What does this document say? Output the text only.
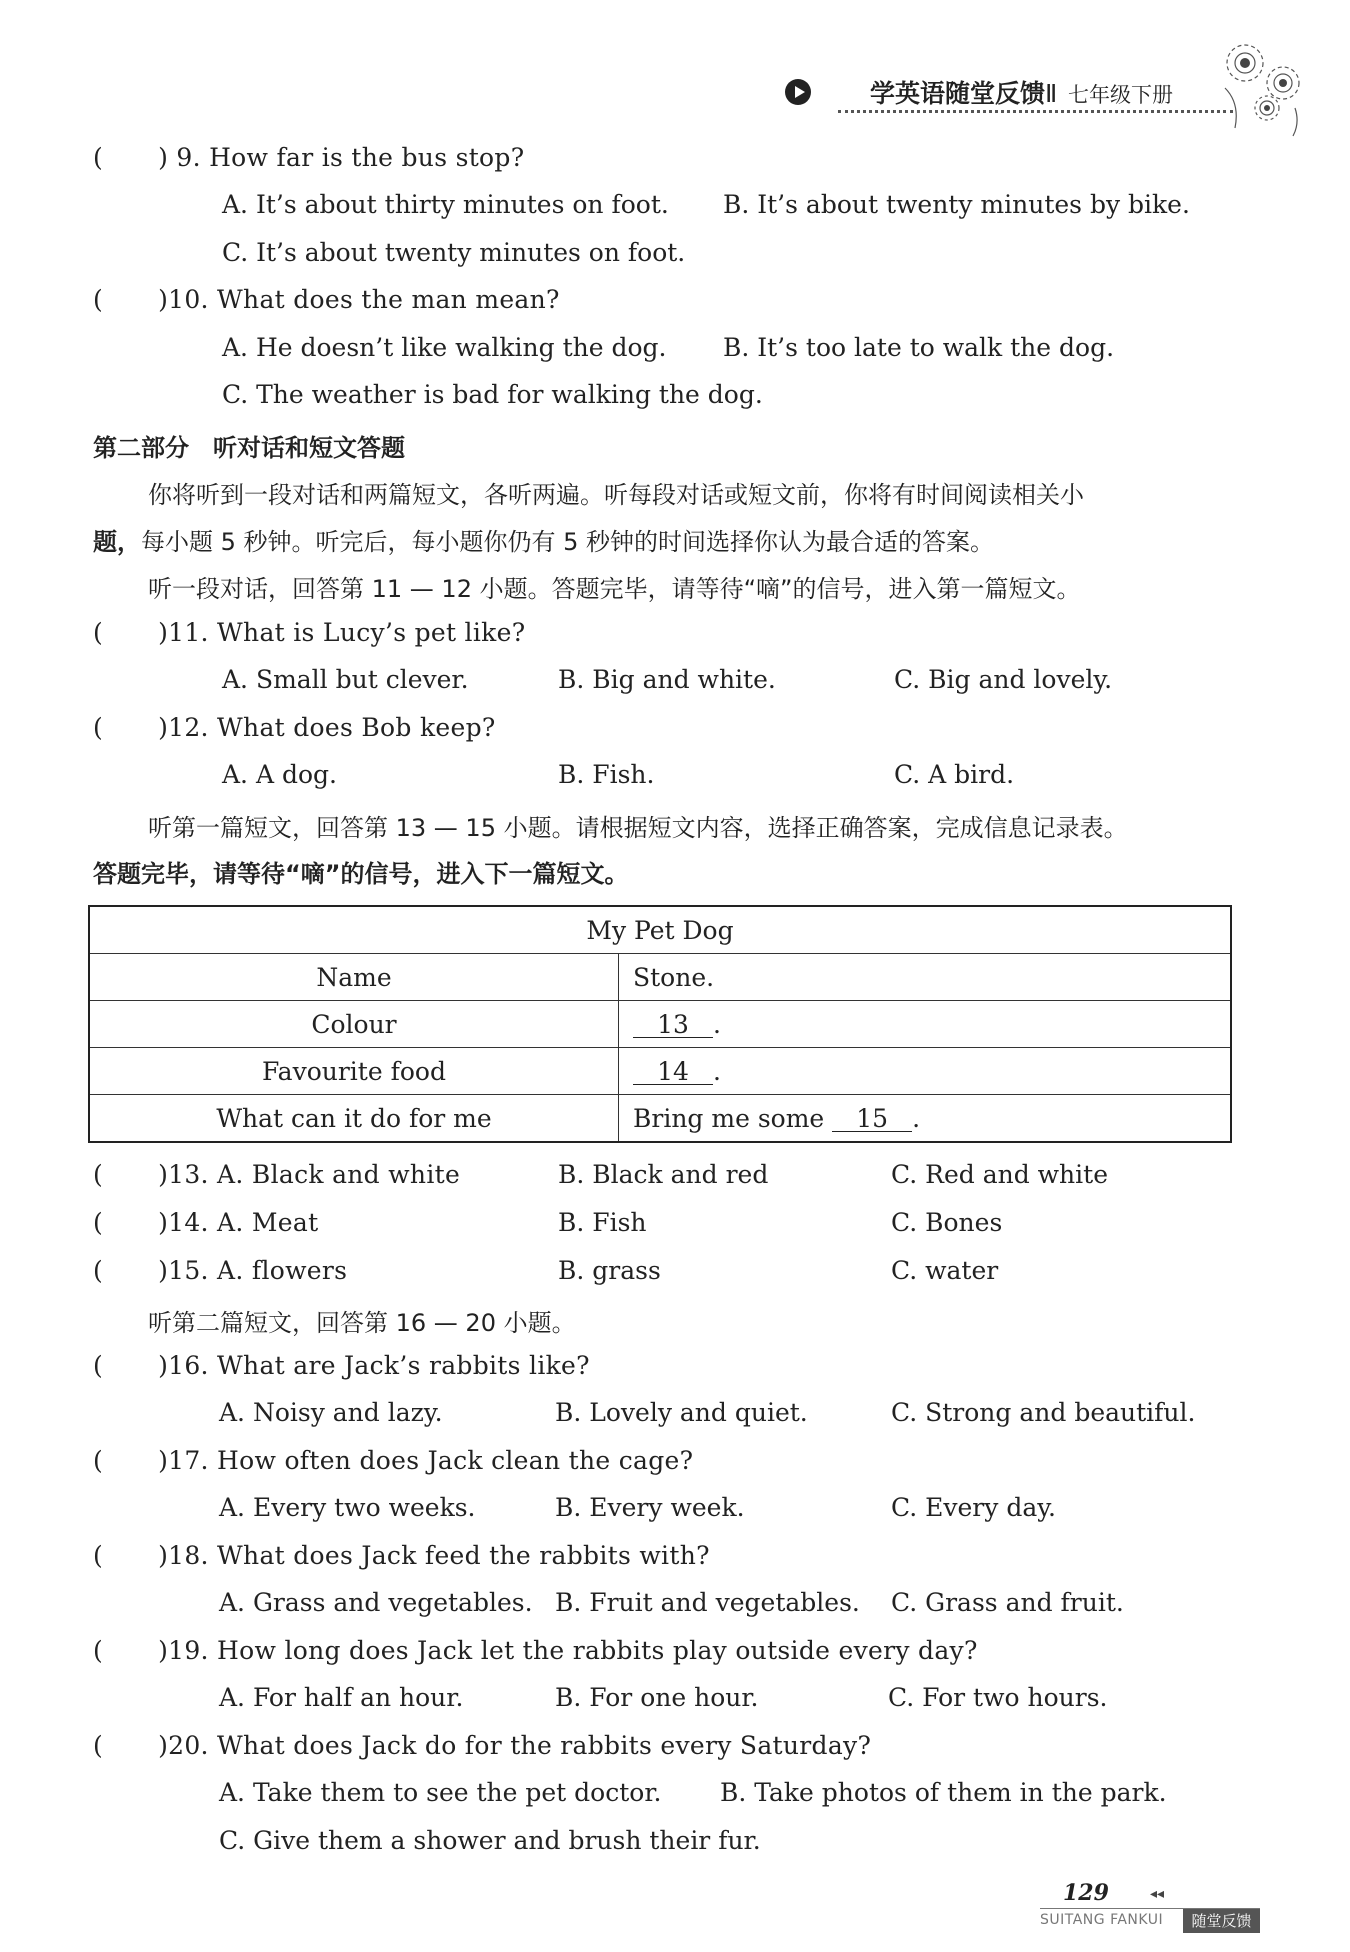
学英语随堂反馈Ⅱ 七年级下册
( ) 9. How far is the bus stop?
A. It’s about thirty minutes on foot. B. It’s about twenty minutes by bike.
C. It’s about twenty minutes on foot.
( )10. What does the man mean?
A. He doesn’t like walking the dog. B. It’s too late to walk the dog.
C. The weather is bad for walking the dog.
第二部分　听对话和短文答题
你将听到一段对话和两篇短文，各听两遍。听每段对话或短文前，你将有时间阅读相关小
题，每小题 5 秒钟。听完后，每小题你仍有 5 秒钟的时间选择你认为最合适的答案。
听一段对话，回答第 11 — 12 小题。答题完毕，请等待“嘀”的信号，进入第一篇短文。
( )11. What is Lucy’s pet like?
A. Small but clever.	B. Big and white.	C. Big and lovely.
( )12. What does Bob keep?
A. A dog.	B. Fish.	C. A bird.
听第一篇短文，回答第 13 — 15 小题。请根据短文内容，选择正确答案，完成信息记录表。
答题完毕，请等待“嘀”的信号，进入下一篇短文。
My Pet Dog	
Name	Stone.
Colour	13 .
Favourite food	14 .
What can it do for me	Bring me some 15 .
( )13. A. Black and white	B. Black and red	C. Red and white
( )14. A. Meat	B. Fish	C. Bones
( )15. A. flowers	B. grass	C. water
听第二篇短文，回答第 16 — 20 小题。
( )16. What are Jack’s rabbits like?
A. Noisy and lazy.	B. Lovely and quiet.	C. Strong and beautiful.
( )17. How often does Jack clean the cage?
A. Every two weeks.	B. Every week.	C. Every day.
( )18. What does Jack feed the rabbits with?
A. Grass and vegetables. B. Fruit and vegetables. C. Grass and fruit.
( )19. How long does Jack let the rabbits play outside every day?
A. For half an hour.	B. For one hour.	C. For two hours.
( )20. What does Jack do for the rabbits every Saturday?
A. Take them to see the pet doctor. B. Take photos of them in the park.
C. Give them a shower and brush their fur.
129	◂◂
SUITANG FANKUI	随堂反馈
